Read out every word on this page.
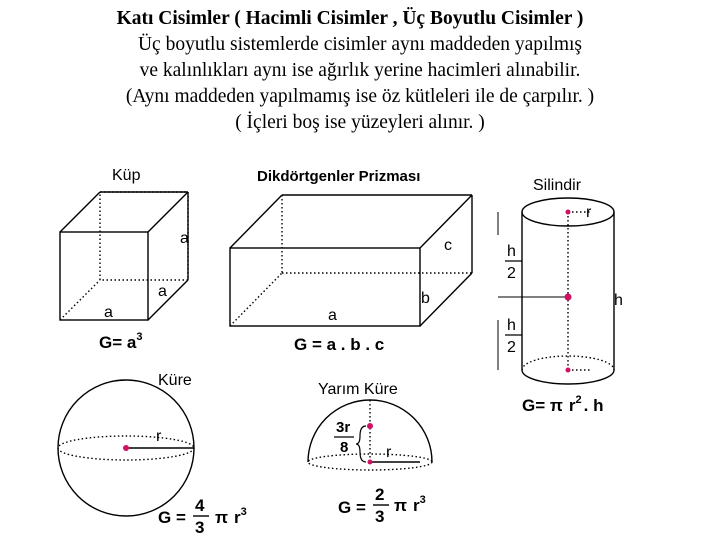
Katı Cisimler ( Hacimli Cisimler , Üç Boyutlu Cisimler )
Üç boyutlu sistemlerde cisimler aynı maddeden yapılmış
ve kalınlıkları aynı ise ağırlık yerine hacimleri alınabilir.
(Aynı maddeden yapılmamış ise öz kütleleri ile de çarpılır. )
( İçleri boş ise yüzeyleri alınır. )
Küp
a
a
a
$G= a^3$
Dikdörtgenler Prizması
c
b
a
G = a . b . c
Silindir
r
h
h
2
h
2
G= π $r^2$ . h
Küre
r
G =
4
3
π $r^3$
Yarım Küre
3r
8 r
G =
2
3
π $r^3$
